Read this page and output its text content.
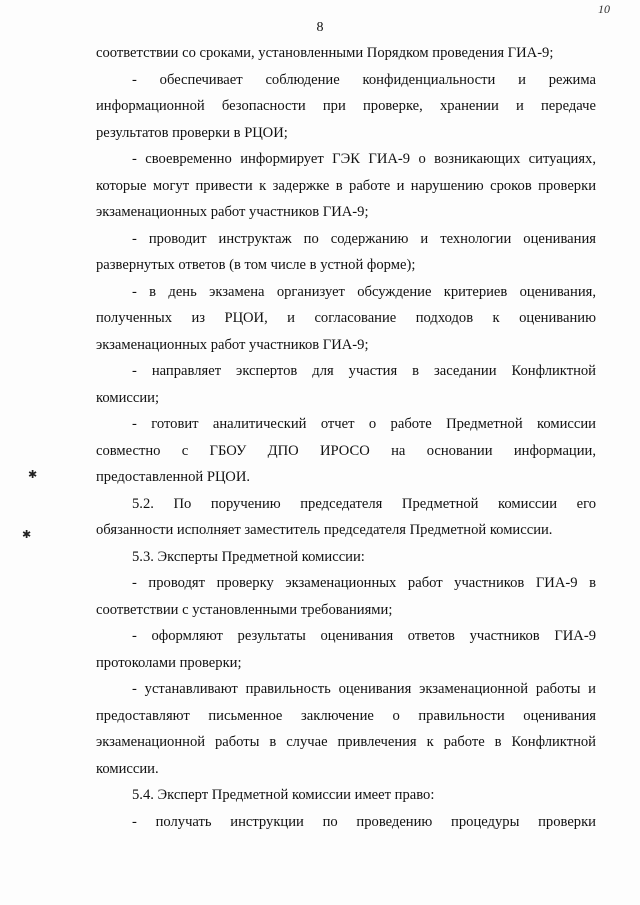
8
10
✱
✱
соответствии со сроками, установленными Порядком проведения ГИА-9;
- обеспечивает соблюдение конфиденциальности и режима
информационной безопасности при проверке, хранении и передаче
результатов проверки в РЦОИ;
- своевременно информирует ГЭК ГИА-9 о возникающих ситуациях,
которые могут привести к задержке в работе и нарушению сроков проверки
экзаменационных работ участников ГИА-9;
- проводит инструктаж по содержанию и технологии оценивания
развернутых ответов (в том числе в устной форме);
- в день экзамена организует обсуждение критериев оценивания,
полученных из РЦОИ, и согласование подходов к оцениванию
экзаменационных работ участников ГИА-9;
- направляет экспертов для участия в заседании Конфликтной
комиссии;
- готовит аналитический отчет о работе Предметной комиссии
совместно с ГБОУ ДПО ИРОСО на основании информации,
предоставленной РЦОИ.
5.2. По поручению председателя Предметной комиссии его
обязанности исполняет заместитель председателя Предметной комиссии.
5.3. Эксперты Предметной комиссии:
- проводят проверку экзаменационных работ участников ГИА-9 в
соответствии с установленными требованиями;
- оформляют результаты оценивания ответов участников ГИА-9
протоколами проверки;
- устанавливают правильность оценивания экзаменационной работы и
предоставляют письменное заключение о правильности оценивания
экзаменационной работы в случае привлечения к работе в Конфликтной
комиссии.
5.4. Эксперт Предметной комиссии имеет право:
- получать инструкции по проведению процедуры проверки
